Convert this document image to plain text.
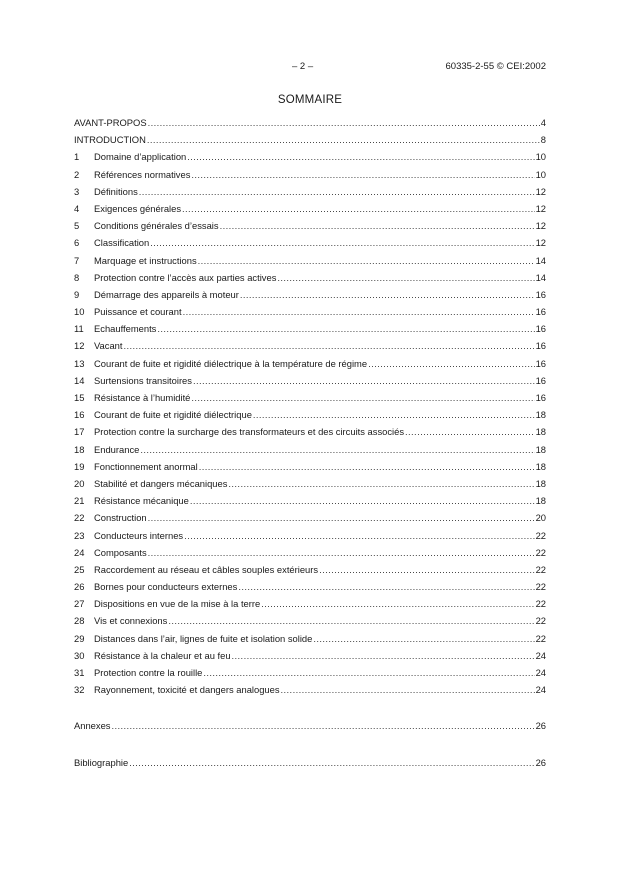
– 2 –	60335-2-55 © CEI:2002
SOMMAIRE
AVANT-PROPOS .....	4
INTRODUCTION .....	8
1	Domaine d’application .....	10
2	Références normatives .....	10
3	Définitions .....	12
4	Exigences générales .....	12
5	Conditions générales d’essais .....	12
6	Classification .....	12
7	Marquage et instructions .....	14
8	Protection contre l’accès aux parties actives .....	14
9	Démarrage des appareils à moteur .....	16
10	Puissance et courant .....	16
11	Echauffements .....	16
12	Vacant .....	16
13	Courant de fuite et rigidité diélectrique à la température de régime .....	16
14	Surtensions transitoires .....	16
15	Résistance à l’humidité .....	16
16	Courant de fuite et rigidité diélectrique .....	18
17	Protection contre la surcharge des transformateurs et des circuits associés .....	18
18	Endurance .....	18
19	Fonctionnement anormal .....	18
20	Stabilité et dangers mécaniques .....	18
21	Résistance mécanique .....	18
22	Construction .....	20
23	Conducteurs internes .....	22
24	Composants .....	22
25	Raccordement au réseau et câbles souples extérieurs .....	22
26	Bornes pour conducteurs externes .....	22
27	Dispositions en vue de la mise à la terre .....	22
28	Vis et connexions .....	22
29	Distances dans l’air, lignes de fuite et isolation solide .....	22
30	Résistance à la chaleur et au feu .....	24
31	Protection contre la rouille .....	24
32	Rayonnement, toxicité et dangers analogues .....	24
Annexes .....	26
Bibliographie .....	26
